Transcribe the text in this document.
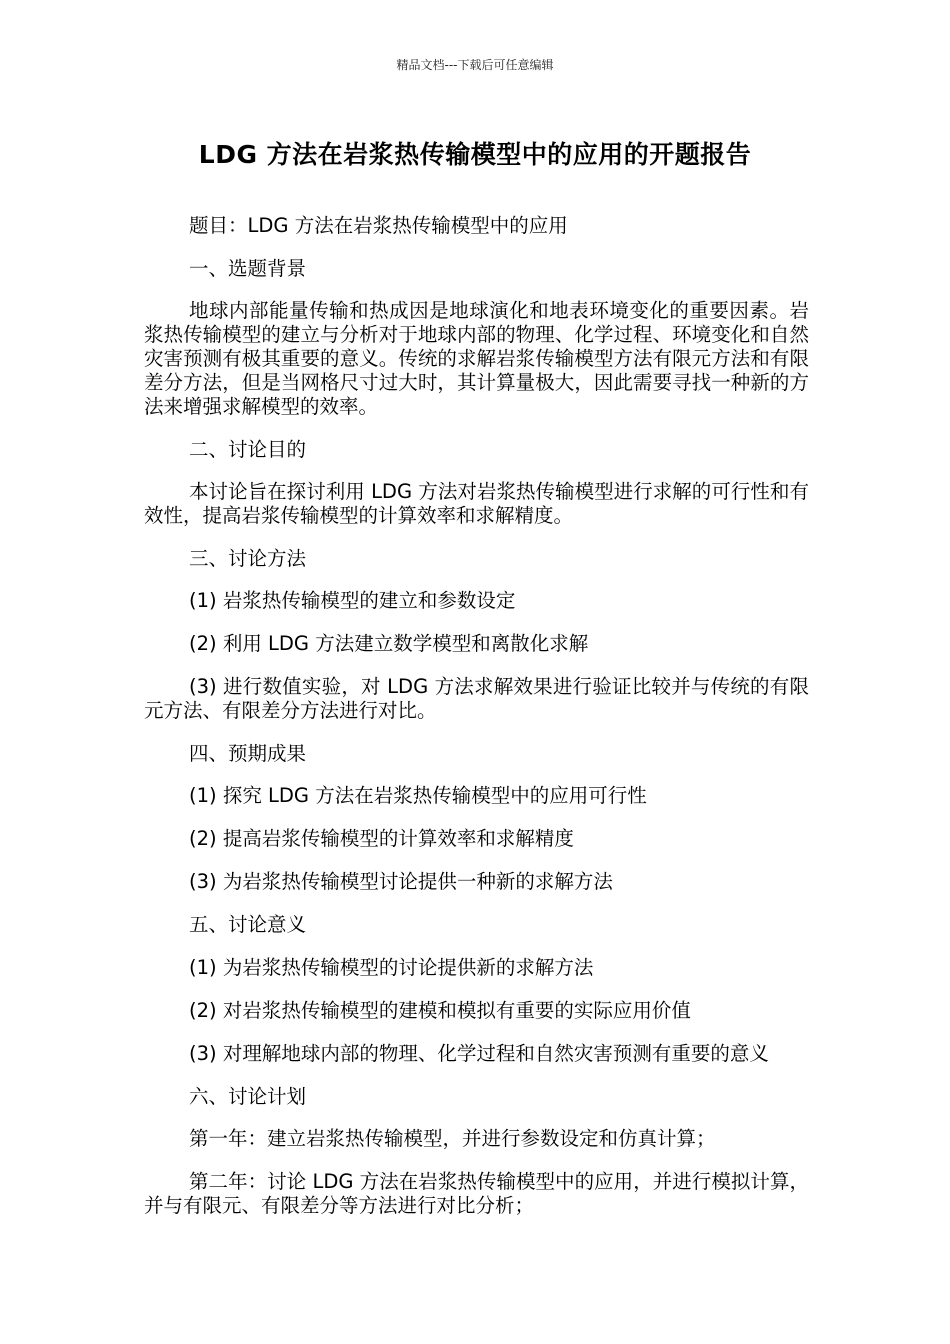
精品文档---下载后可任意编辑
LDG 方法在岩浆热传输模型中的应用的开题报告

题目：LDG 方法在岩浆热传输模型中的应用

一、选题背景

地球内部能量传输和热成因是地球演化和地表环境变化的重要因素。岩浆热传输模型的建立与分析对于地球内部的物理、化学过程、环境变化和自然灾害预测有极其重要的意义。传统的求解岩浆传输模型方法有限元方法和有限差分方法，但是当网格尺寸过大时，其计算量极大，因此需要寻找一种新的方法来增强求解模型的效率。

二、讨论目的

本讨论旨在探讨利用 LDG 方法对岩浆热传输模型进行求解的可行性和有效性，提高岩浆传输模型的计算效率和求解精度。

三、讨论方法

(1) 岩浆热传输模型的建立和参数设定

(2) 利用 LDG 方法建立数学模型和离散化求解

(3) 进行数值实验，对 LDG 方法求解效果进行验证比较并与传统的有限元方法、有限差分方法进行对比。

四、预期成果

(1) 探究 LDG 方法在岩浆热传输模型中的应用可行性

(2) 提高岩浆传输模型的计算效率和求解精度

(3) 为岩浆热传输模型讨论提供一种新的求解方法

五、讨论意义

(1) 为岩浆热传输模型的讨论提供新的求解方法

(2) 对岩浆热传输模型的建模和模拟有重要的实际应用价值

(3) 对理解地球内部的物理、化学过程和自然灾害预测有重要的意义

六、讨论计划

第一年：建立岩浆热传输模型，并进行参数设定和仿真计算；

第二年：讨论 LDG 方法在岩浆热传输模型中的应用，并进行模拟计算，并与有限元、有限差分等方法进行对比分析；
